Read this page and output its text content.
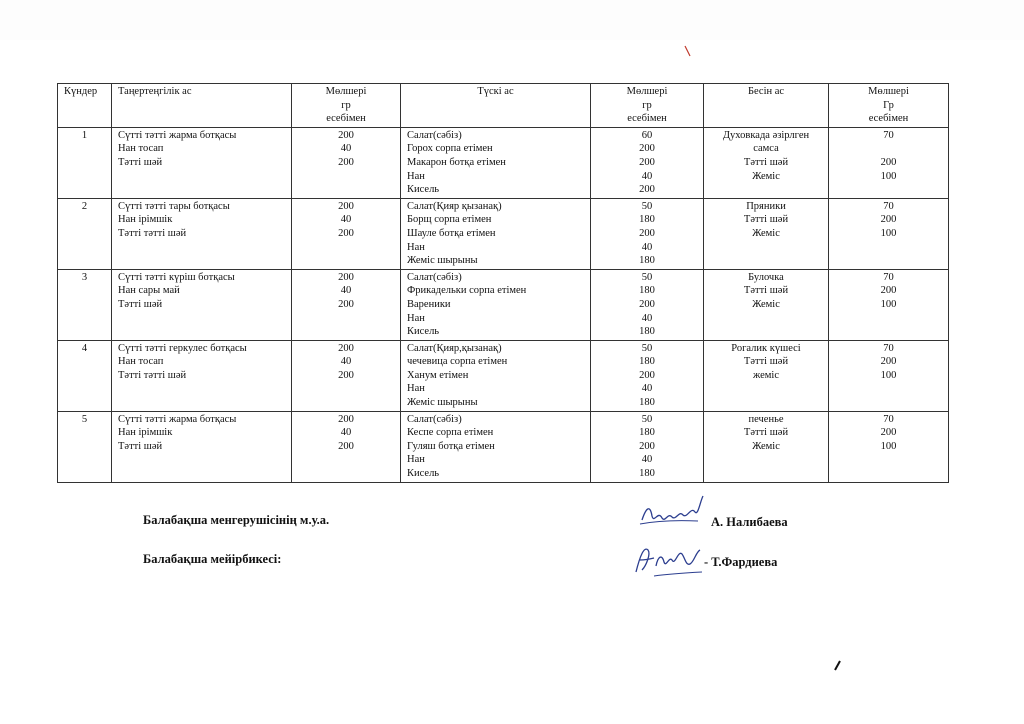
Күндер	Таңертеңгілік ас	Мөлшері
гр
есебімен	Түскі ас	Мөлшері
гр
есебімен	Бесін ас	Мөлшері
Гр
есебімен

1	Сүтті тәтті жарма ботқасы
Нан тосап
Тәтті шәй	200
40
200	Салат(сәбіз)
Горох сорпа етімен
Макарон ботқа етімен
Нан
Кисель	60
200
200
40
200	Духовкада әзірлген
самса
Тәтті шәй
Жеміс	70

200
100

2	Сүтті тәтті тары ботқасы
Нан ірімшік
Тәтті тәтті шәй	200
40
200	Салат(Қияр қызанақ)
Борщ сорпа етімен
Шауле ботқа етімен
Нан
Жеміс шырыны	50
180
200
40
180	Пряники
Тәтті шәй
Жеміс	70
200
100

3	Сүтті тәтті күріш ботқасы
Нан сары май
Тәтті шәй	200
40
200	Салат(сәбіз)
Фрикадельки сорпа етімен
Вареники
Нан
Кисель	50
180
200
40
180	Булочка
Тәтті шәй
Жеміс	70
200
100

4	Сүтті тәтті геркулес ботқасы
Нан тосап
Тәтті тәтті шәй	200
40
200	Салат(Қияр,қызанақ)
чечевица сорпа етімен
Ханум етімен
Нан
Жеміс шырыны	50
180
200
40
180	Рогалик күшесі
Тәтті шәй
жеміс	70
200
100

5	Сүтті тәтті жарма ботқасы
Нан ірімшік
Тәтті шәй	200
40
200	Салат(сәбіз)
Кеспе сорпа етімен
Гуляш ботқа етімен
Нан
Кисель	50
180
200
40
180	печенье
Тәтті шәй
Жеміс	70
200
100
Балабақша менгерушісінің м.у.а.	А. Налибаева
Балабақша мейірбикесі:	- Т.Фардиева
